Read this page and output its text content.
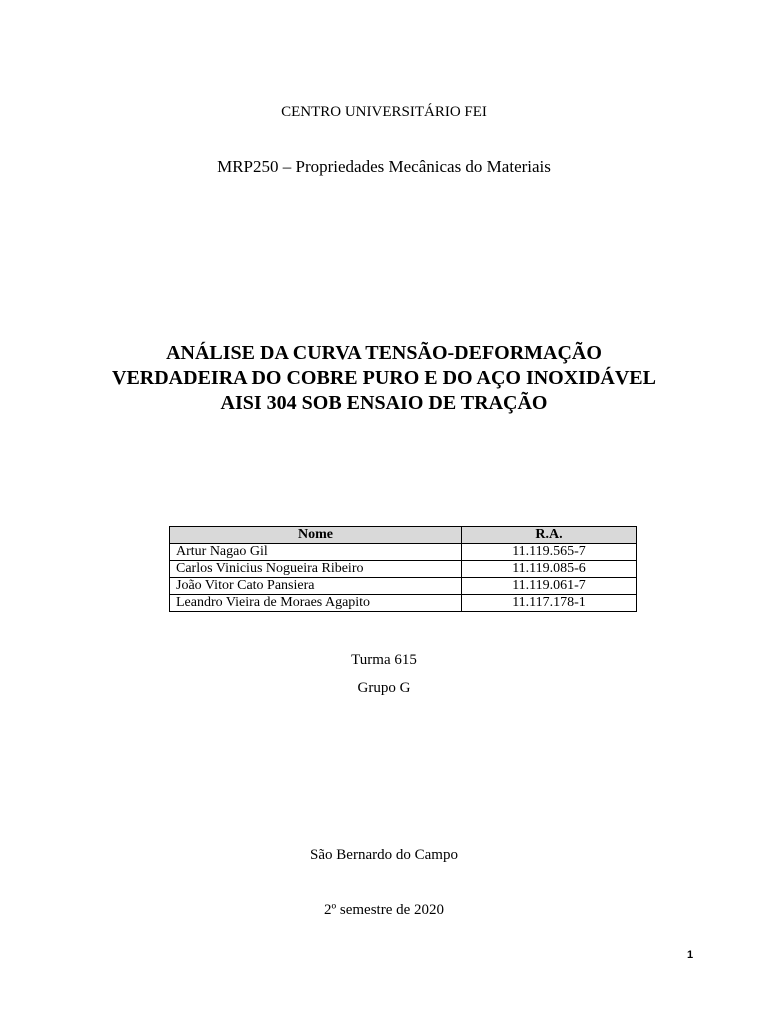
CENTRO UNIVERSITÁRIO FEI
MRP250 – Propriedades Mecânicas do Materiais
ANÁLISE DA CURVA TENSÃO-DEFORMAÇÃO
VERDADEIRA DO COBRE PURO E DO AÇO INOXIDÁVEL
AISI 304 SOB ENSAIO DE TRAÇÃO
Nome	R.A.
Artur Nagao Gil	11.119.565-7
Carlos Vinicius Nogueira Ribeiro	11.119.085-6
João Vitor Cato Pansiera	11.119.061-7
Leandro Vieira de Moraes Agapito	11.117.178-1
Turma 615
Grupo G
São Bernardo do Campo
2º semestre de 2020
1
